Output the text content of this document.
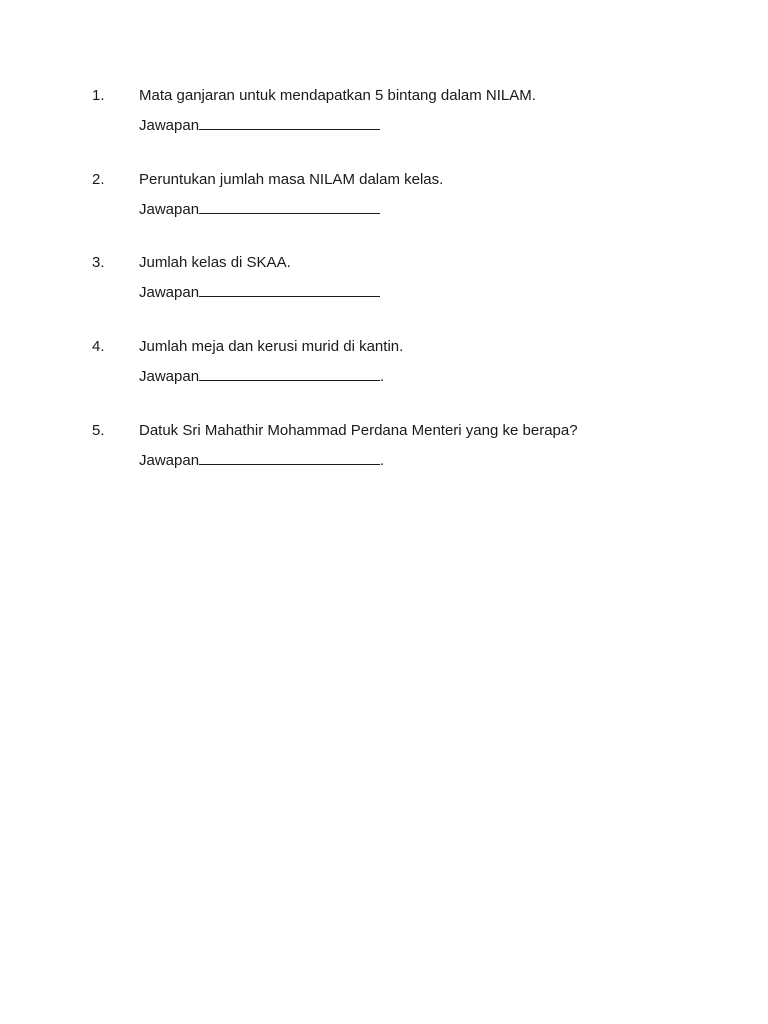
1. Mata ganjaran untuk mendapatkan 5 bintang dalam NILAM.
Jawapan
2. Peruntukan jumlah masa NILAM dalam kelas.
Jawapan
3. Jumlah kelas di SKAA.
Jawapan
4. Jumlah meja dan kerusi murid di kantin.
Jawapan	.
5. Datuk Sri Mahathir Mohammad Perdana Menteri yang ke berapa?
Jawapan	.
